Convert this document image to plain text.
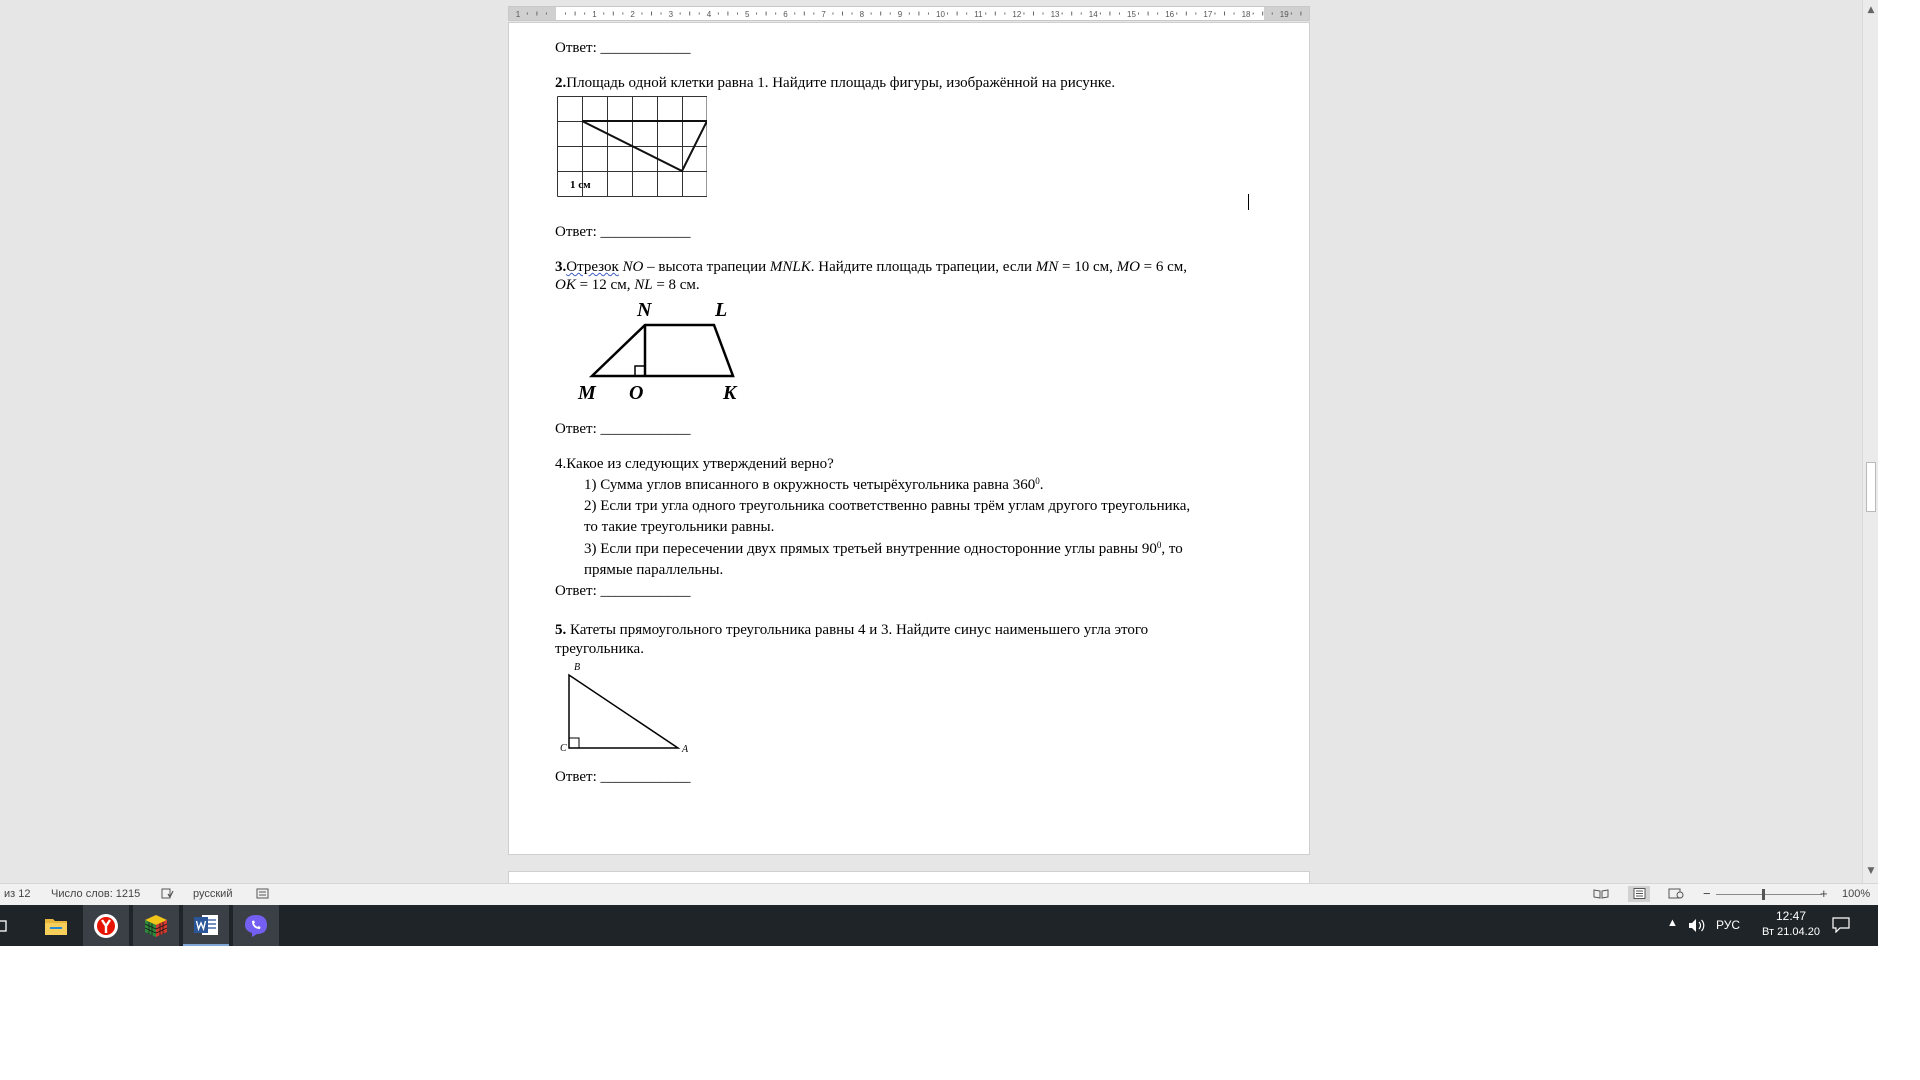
1	1	2	3	4	5	6	7	8	9	10	11	12	13	14	15	16	17	18	19
Ответ: ____________
2.Площадь одной клетки равна 1. Найдите площадь фигуры, изображённой на рисунке.
1 см
Ответ: ____________
3.Отрезок NO – высота трапеции MNLK. Найдите площадь трапеции, если MN = 10 см, MO = 6 см,
OK = 12 см, NL = 8 см.
N	L
M O	K
Ответ: ____________
4.Какое из следующих утверждений верно?
1) Сумма углов вписанного в окружность четырёхугольника равна $360^0$.
2) Если три угла одного треугольника соответственно равны трём углам другого треугольника,
то такие треугольники равны.
3) Если при пересечении двух прямых третьей внутренние односторонние углы равны $90^0$, то
прямые параллельны.
Ответ: ____________
5. Катеты прямоугольного треугольника равны 4 и 3. Найдите синус наименьшего угла этого
треугольника.
B
C	A
Ответ: ____________
▲
▼
из 12 Число слов: 1215	русский	−	+ 100%
▲	РУС
12:47
Вт 21.04.20
